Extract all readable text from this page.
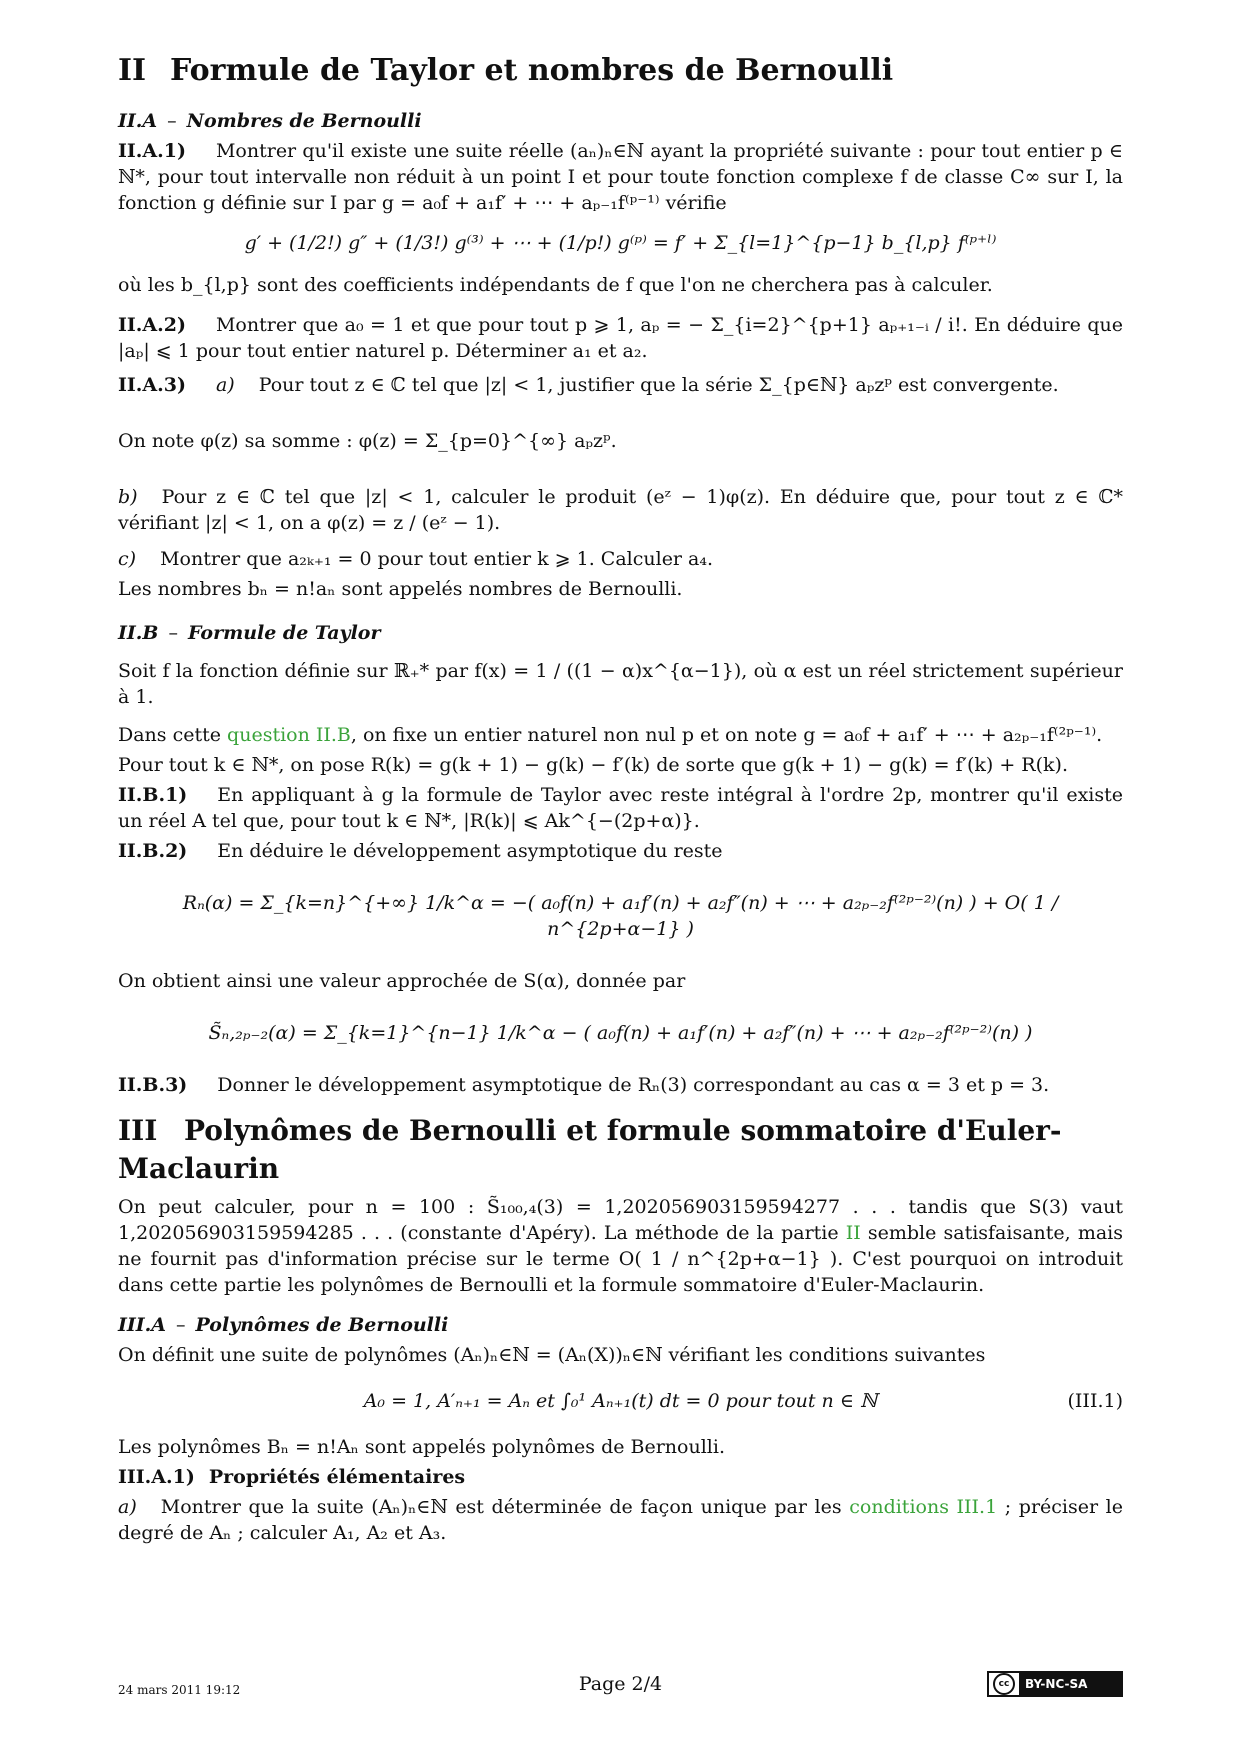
II Formule de Taylor et nombres de Bernoulli
II.A – Nombres de Bernoulli

II.A.1) Montrer qu'il existe une suite réelle (aₙ)ₙ∈ℕ ayant la propriété suivante : pour tout entier p ∈ ℕ*, pour tout intervalle non réduit à un point I et pour toute fonction complexe f de classe C∞ sur I, la fonction g définie sur I par g = a₀f + a₁f′ + ⋯ + aₚ₋₁f⁽ᵖ⁻¹⁾ vérifie

g′ + (1/2!) g″ + (1/3!) g⁽³⁾ + ⋯ + (1/p!) g⁽ᵖ⁾ = f′ + Σ_{l=1}^{p−1} b_{l,p} f⁽ᵖ⁺ˡ⁾

où les b_{l,p} sont des coefficients indépendants de f que l'on ne cherchera pas à calculer.

II.A.2) Montrer que a₀ = 1 et que pour tout p ⩾ 1, aₚ = − Σ_{i=2}^{p+1} aₚ₊₁₋ᵢ / i!. En déduire que |aₚ| ⩽ 1 pour tout entier naturel p. Déterminer a₁ et a₂.

II.A.3) a) Pour tout z ∈ ℂ tel que |z| < 1, justifier que la série Σ_{p∈ℕ} aₚzᵖ est convergente.

On note φ(z) sa somme : φ(z) = Σ_{p=0}^{∞} aₚzᵖ.

b) Pour z ∈ ℂ tel que |z| < 1, calculer le produit (eᶻ − 1)φ(z). En déduire que, pour tout z ∈ ℂ* vérifiant |z| < 1, on a φ(z) = z / (eᶻ − 1).

c) Montrer que a₂ₖ₊₁ = 0 pour tout entier k ⩾ 1. Calculer a₄.

Les nombres bₙ = n!aₙ sont appelés nombres de Bernoulli.

II.B – Formule de Taylor

Soit f la fonction définie sur ℝ₊* par f(x) = 1 / ((1 − α)x^{α−1}), où α est un réel strictement supérieur à 1.

Dans cette question II.B, on fixe un entier naturel non nul p et on note g = a₀f + a₁f′ + ⋯ + a₂ₚ₋₁f⁽²ᵖ⁻¹⁾.

Pour tout k ∈ ℕ*, on pose R(k) = g(k + 1) − g(k) − f′(k) de sorte que g(k + 1) − g(k) = f′(k) + R(k).

II.B.1) En appliquant à g la formule de Taylor avec reste intégral à l'ordre 2p, montrer qu'il existe un réel A tel que, pour tout k ∈ ℕ*, |R(k)| ⩽ Ak^{−(2p+α)}.

II.B.2) En déduire le développement asymptotique du reste

Rₙ(α) = Σ_{k=n}^{+∞} 1/k^α = −( a₀f(n) + a₁f′(n) + a₂f″(n) + ⋯ + a₂ₚ₋₂f⁽²ᵖ⁻²⁾(n) ) + O( 1 / n^{2p+α−1} )

On obtient ainsi une valeur approchée de S(α), donnée par

S̃ₙ,₂ₚ₋₂(α) = Σ_{k=1}^{n−1} 1/k^α − ( a₀f(n) + a₁f′(n) + a₂f″(n) + ⋯ + a₂ₚ₋₂f⁽²ᵖ⁻²⁾(n) )

II.B.3) Donner le développement asymptotique de Rₙ(3) correspondant au cas α = 3 et p = 3.

III Polynômes de Bernoulli et formule sommatoire d'Euler-Maclaurin

On peut calculer, pour n = 100 : S̃₁₀₀,₄(3) = 1,202056903159594277 . . . tandis que S(3) vaut 1,202056903159594285 . . . (constante d'Apéry). La méthode de la partie II semble satisfaisante, mais ne fournit pas d'information précise sur le terme O( 1 / n^{2p+α−1} ). C'est pourquoi on introduit dans cette partie les polynômes de Bernoulli et la formule sommatoire d'Euler-Maclaurin.

III.A – Polynômes de Bernoulli

On définit une suite de polynômes (Aₙ)ₙ∈ℕ = (Aₙ(X))ₙ∈ℕ vérifiant les conditions suivantes

A₀ = 1, A′ₙ₊₁ = Aₙ et ∫₀¹ Aₙ₊₁(t) dt = 0 pour tout n ∈ ℕ	(III.1)

Les polynômes Bₙ = n!Aₙ sont appelés polynômes de Bernoulli.

III.A.1) Propriétés élémentaires

a) Montrer que la suite (Aₙ)ₙ∈ℕ est déterminée de façon unique par les conditions III.1 ; préciser le degré de Aₙ ; calculer A₁, A₂ et A₃.

24 mars 2011 19:12	Page 2/4	cc	BY-NC-SA
